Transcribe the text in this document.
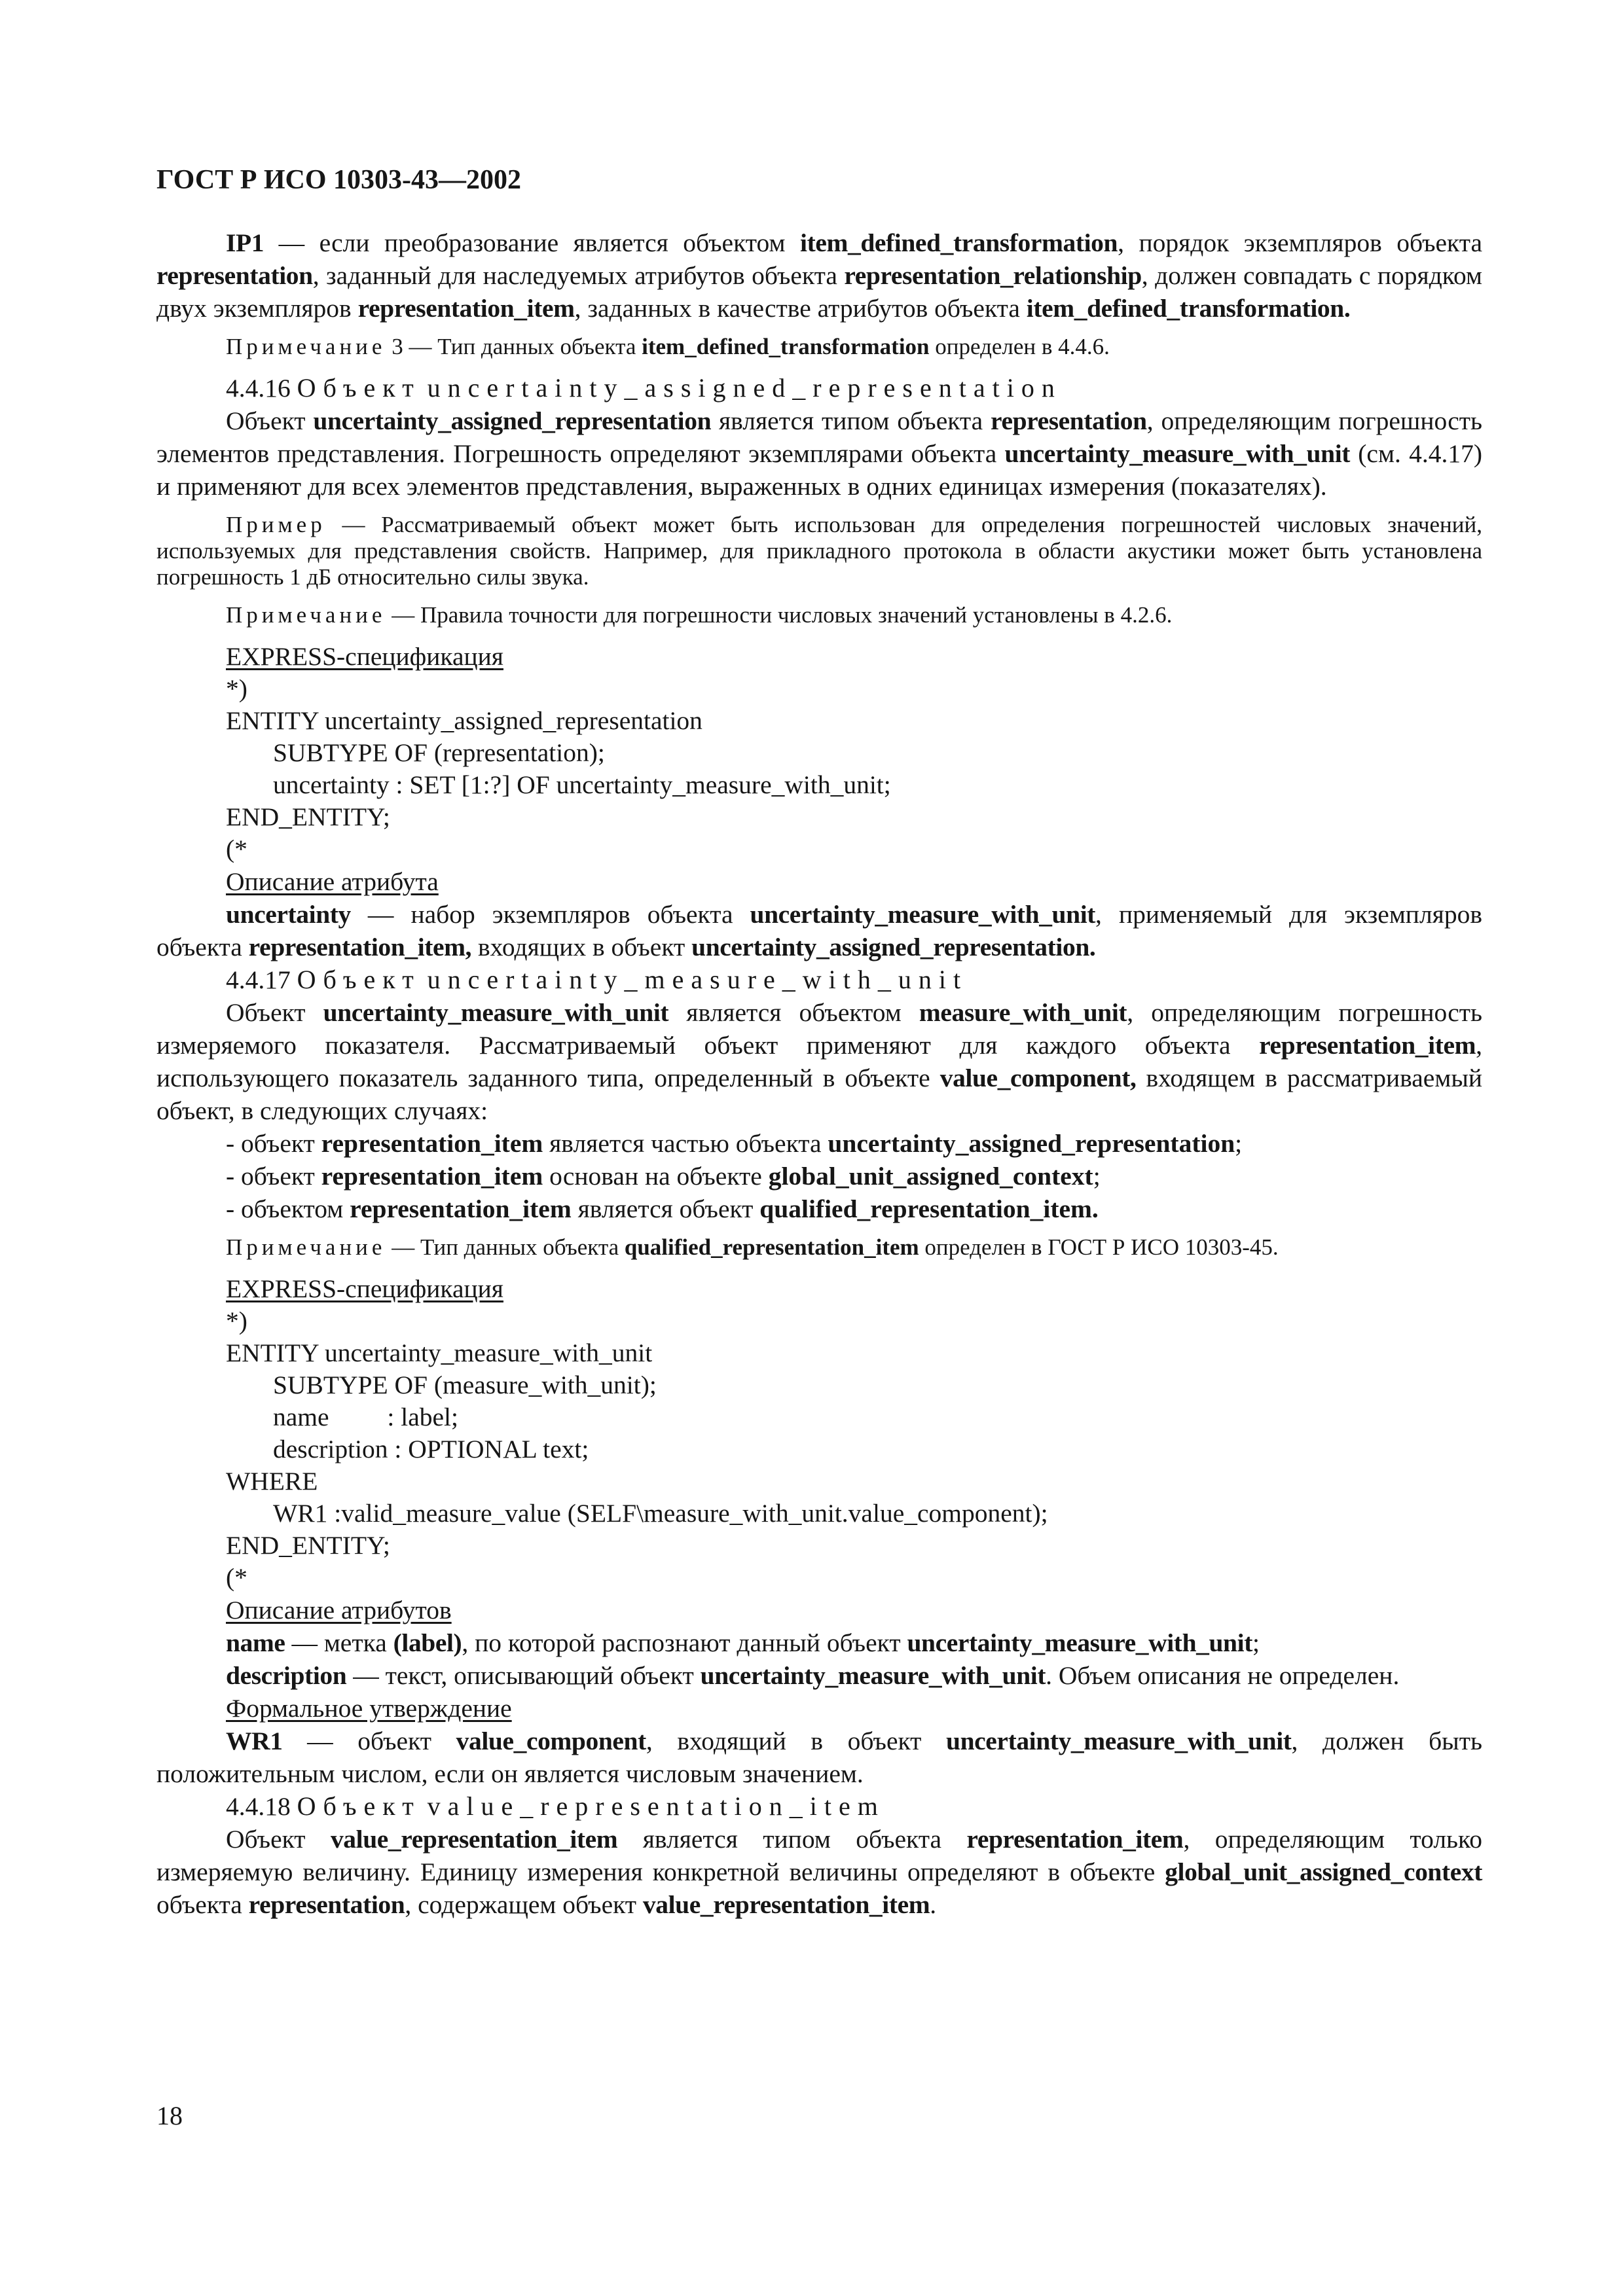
ГОСТ Р ИСО 10303-43—2002

IP1 — если преобразование является объектом item_defined_transformation, порядок экземпляров объекта representation, заданный для наследуемых атрибутов объекта representation_relationship, должен совпадать с порядком двух экземпляров representation_item, заданных в качестве атрибутов объекта item_defined_transformation.

Примечание 3 — Тип данных объекта item_defined_transformation определен в 4.4.6.

4.4.16 Объект uncertainty_assigned_representation

Объект uncertainty_assigned_representation является типом объекта representation, определяющим погрешность элементов представления. Погрешность определяют экземплярами объекта uncertainty_measure_with_unit (см. 4.4.17) и применяют для всех элементов представления, выраженных в одних единицах измерения (показателях).

Пример — Рассматриваемый объект может быть использован для определения погрешностей числовых значений, используемых для представления свойств. Например, для прикладного протокола в области акустики может быть установлена погрешность 1 дБ относительно силы звука.

Примечание — Правила точности для погрешности числовых значений установлены в 4.2.6.

EXPRESS-спецификация

*)
ENTITY uncertainty_assigned_representation
SUBTYPE OF (representation);
uncertainty : SET [1:?] OF uncertainty_measure_with_unit;
END_ENTITY;
(*

Описание атрибута

uncertainty — набор экземпляров объекта uncertainty_measure_with_unit, применяемый для экземпляров объекта representation_item, входящих в объект uncertainty_assigned_representation.

4.4.17 Объект uncertainty_measure_with_unit

Объект uncertainty_measure_with_unit является объектом measure_with_unit, определяющим погрешность измеряемого показателя. Рассматриваемый объект применяют для каждого объекта representation_item, использующего показатель заданного типа, определенный в объекте value_component, входящем в рассматриваемый объект, в следующих случаях:

- объект representation_item является частью объекта uncertainty_assigned_representation;
- объект representation_item основан на объекте global_unit_assigned_context;
- объектом representation_item является объект qualified_representation_item.

Примечание — Тип данных объекта qualified_representation_item определен в ГОСТ Р ИСО 10303-45.

EXPRESS-спецификация

*)
ENTITY uncertainty_measure_with_unit
SUBTYPE OF (measure_with_unit);
name         : label;
description : OPTIONAL text;
WHERE
WR1 :valid_measure_value (SELF\measure_with_unit.value_component);
END_ENTITY;
(*

Описание атрибутов

name — метка (label), по которой распознают данный объект uncertainty_measure_with_unit;

description — текст, описывающий объект uncertainty_measure_with_unit. Объем описания не определен.

Формальное утверждение

WR1 — объект value_component, входящий в объект uncertainty_measure_with_unit, должен быть положительным числом, если он является числовым значением.

4.4.18 Объект value_representation_item

Объект value_representation_item является типом объекта representation_item, определяющим только измеряемую величину. Единицу измерения конкретной величины определяют в объекте global_unit_assigned_context объекта representation, содержащем объект value_representation_item.

18
